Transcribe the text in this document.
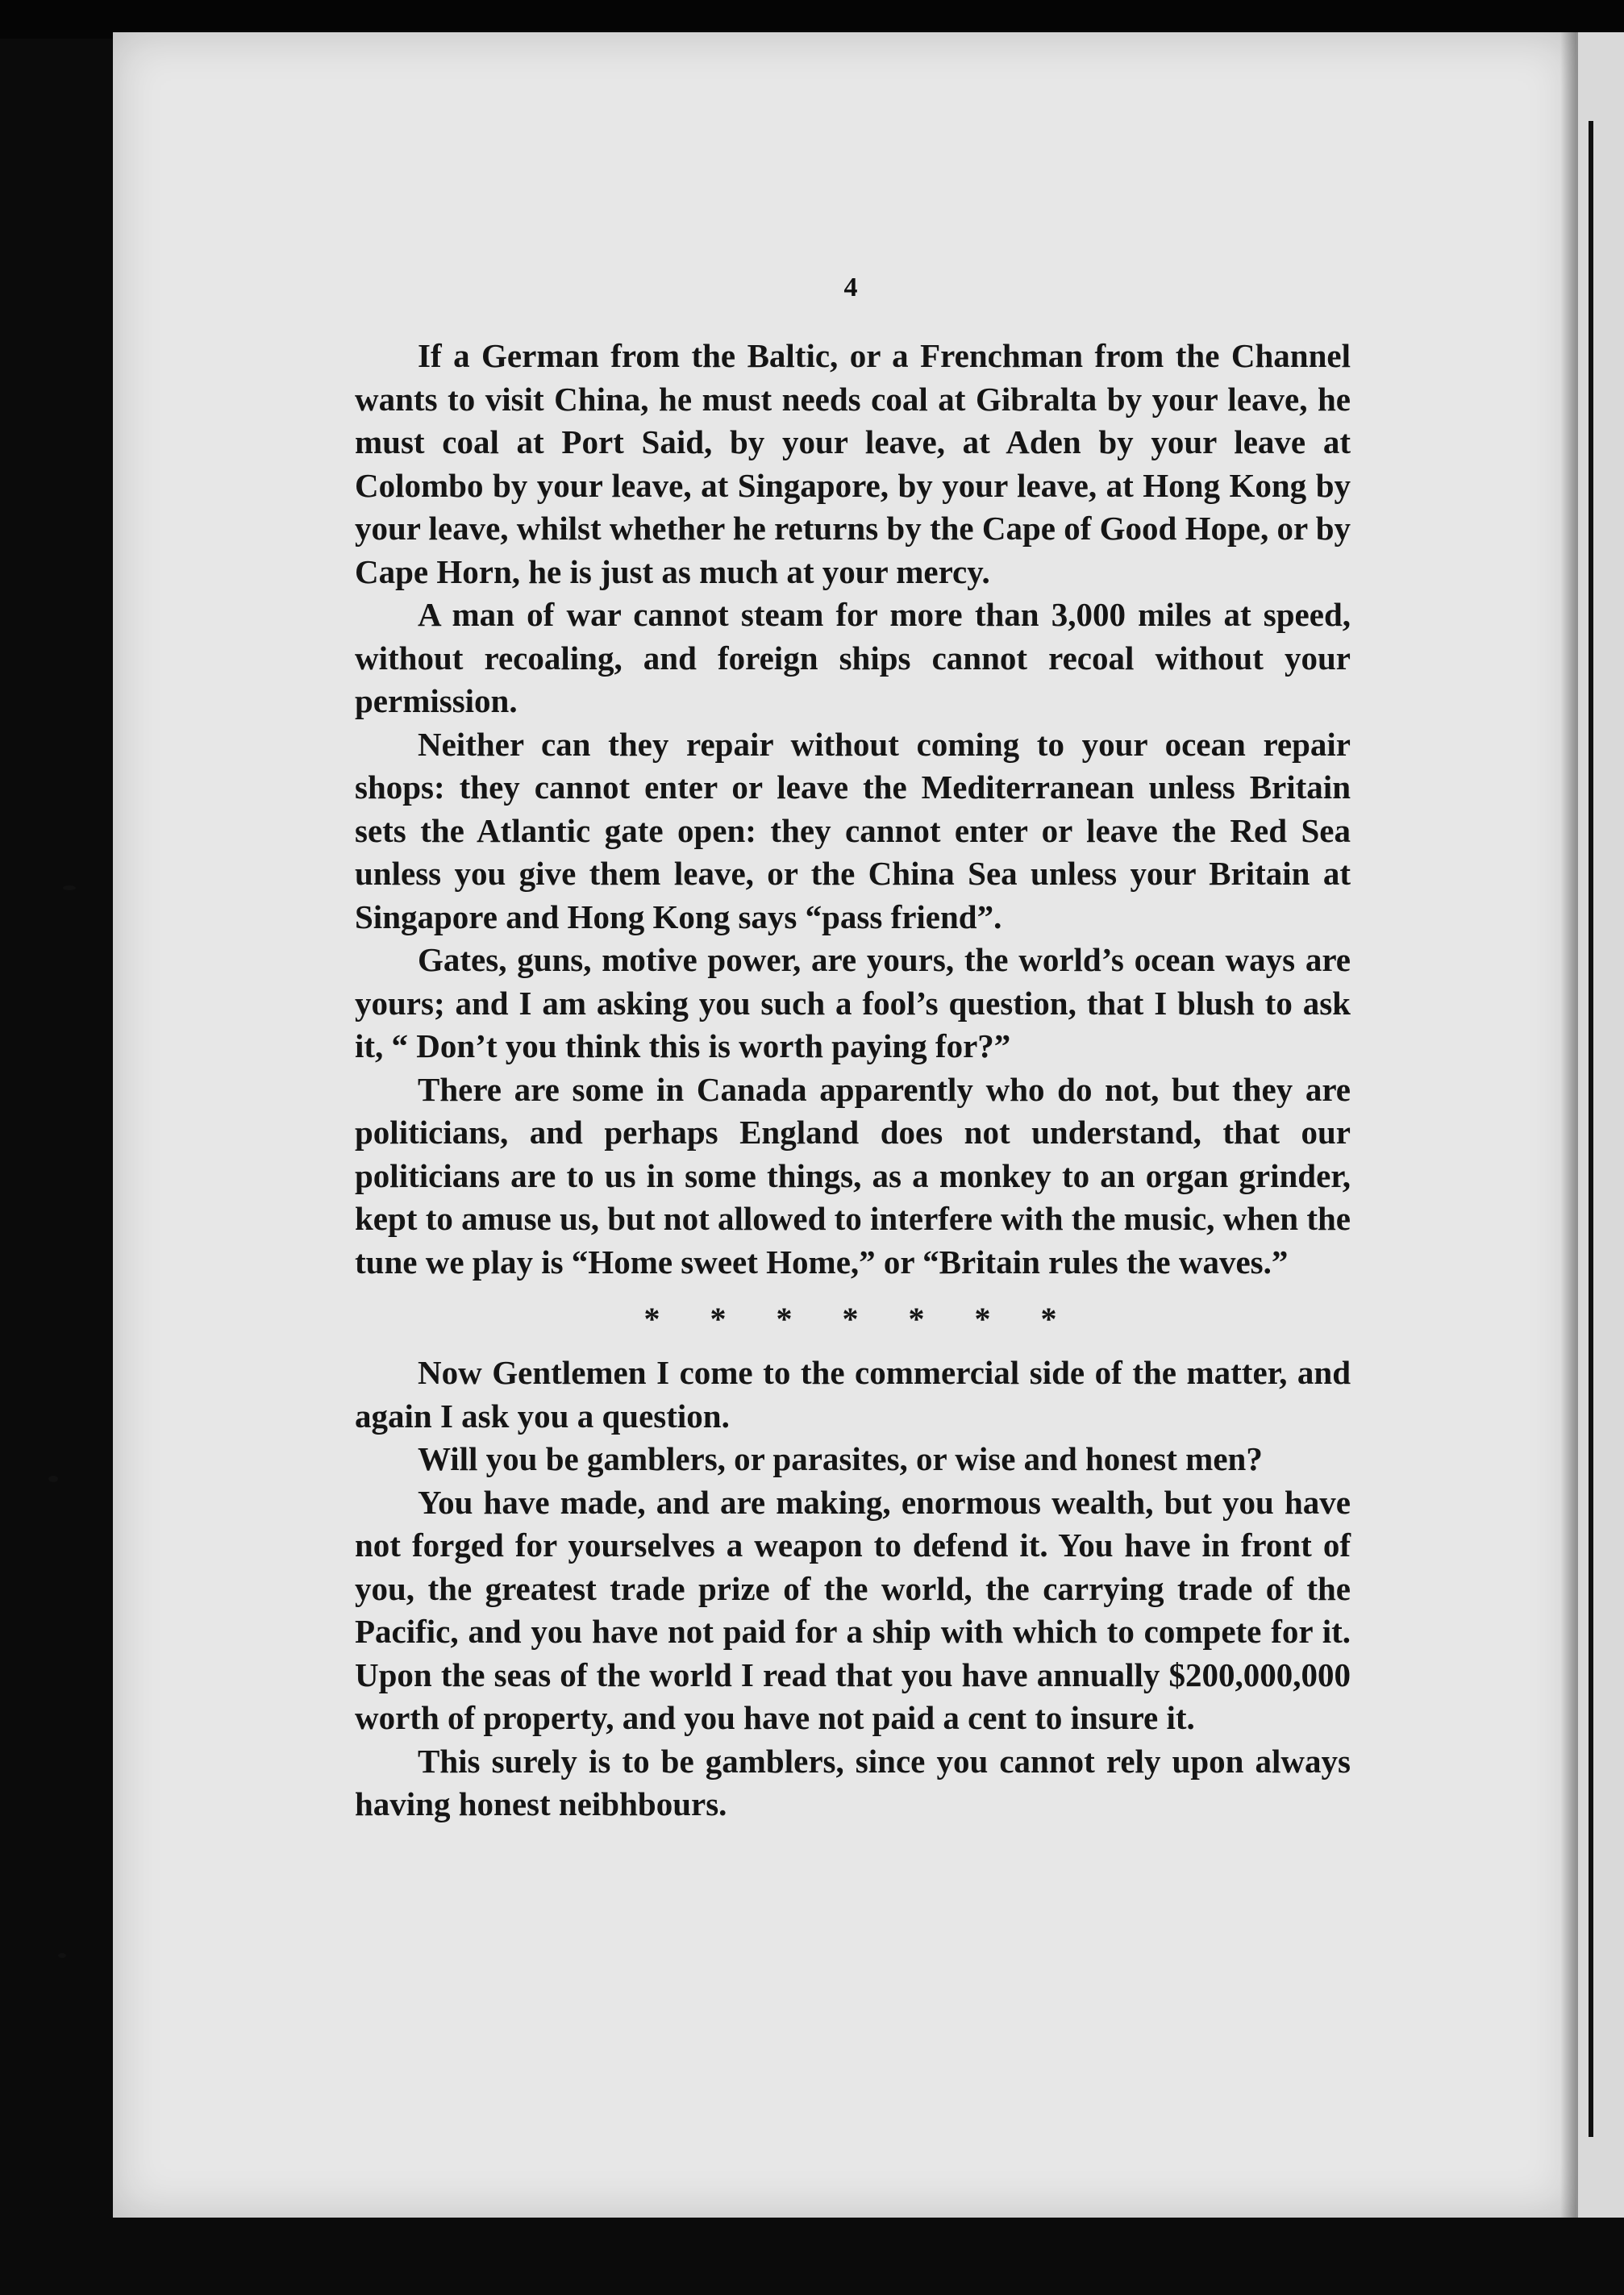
4

If a German from the Baltic, or a Frenchman from the Channel wants to visit China, he must needs coal at Gibralta by your leave, he must coal at Port Said, by your leave, at Aden by your leave at Colombo by your leave, at Singapore, by your leave, at Hong Kong by your leave, whilst whether he returns by the Cape of Good Hope, or by Cape Horn, he is just as much at your mercy.

A man of war cannot steam for more than 3,000 miles at speed, without recoaling, and foreign ships cannot recoal without your permission.

Neither can they repair without coming to your ocean repair shops: they cannot enter or leave the Mediterranean unless Britain sets the Atlantic gate open: they cannot enter or leave the Red Sea unless you give them leave, or the China Sea unless your Britain at Singapore and Hong Kong says “pass friend”.

Gates, guns, motive power, are yours, the world’s ocean ways are yours; and I am asking you such a fool’s question, that I blush to ask it, “ Don’t you think this is worth paying for?”

There are some in Canada apparently who do not, but they are politicians, and perhaps England does not understand, that our politicians are to us in some things, as a monkey to an organ grinder, kept to amuse us, but not allowed to interfere with the music, when the tune we play is “Home sweet Home,” or “Britain rules the waves.”

* * * * * * *

Now Gentlemen I come to the commercial side of the matter, and again I ask you a question.

Will you be gamblers, or parasites, or wise and honest men?

You have made, and are making, enormous wealth, but you have not forged for yourselves a weapon to defend it. You have in front of you, the greatest trade prize of the world, the carrying trade of the Pacific, and you have not paid for a ship with which to compete for it. Upon the seas of the world I read that you have annually $200,000,000 worth of property, and you have not paid a cent to insure it.

This surely is to be gamblers, since you cannot rely upon always having honest neibhbours.
